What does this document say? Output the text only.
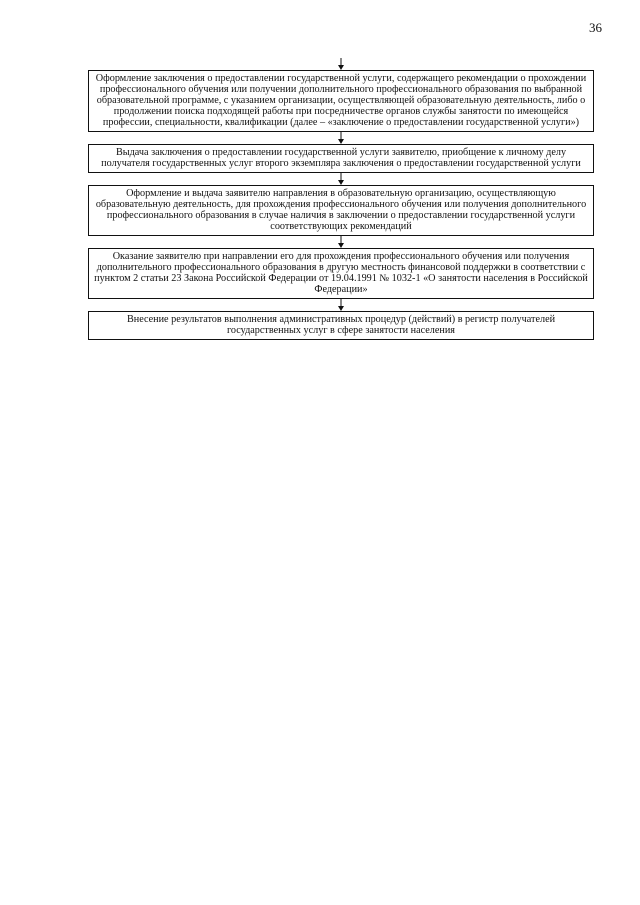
36
Оформление заключения о предоставлении государственной услуги, содержащего рекомендации о прохождении профессионального обучения или получении дополнительного профессионального образования по выбранной образовательной программе, с указанием организации, осуществляющей образовательную деятельность, либо о продолжении поиска подходящей работы при посредничестве органов службы занятости по имеющейся профессии, специальности, квалификации (далее – «заключение о предоставлении государственной услуги»)
Выдача заключения о предоставлении государственной услуги заявителю, приобщение к личному делу получателя государственных услуг второго экземпляра заключения о предоставлении государственной услуги
Оформление и выдача заявителю направления в образовательную организацию, осуществляющую образовательную деятельность, для прохождения профессионального обучения или получения дополнительного профессионального образования в случае наличия в заключении о предоставлении государственной услуги соответствующих рекомендаций
Оказание заявителю при направлении его для прохождения профессионального обучения или получения дополнительного профессионального образования в другую местность финансовой поддержки в соответствии с пунктом 2 статьи 23 Закона Российской Федерации от 19.04.1991 № 1032-1 «О занятости населения в Российской Федерации»
Внесение результатов выполнения административных процедур (действий) в регистр получателей государственных услуг в сфере занятости населения
